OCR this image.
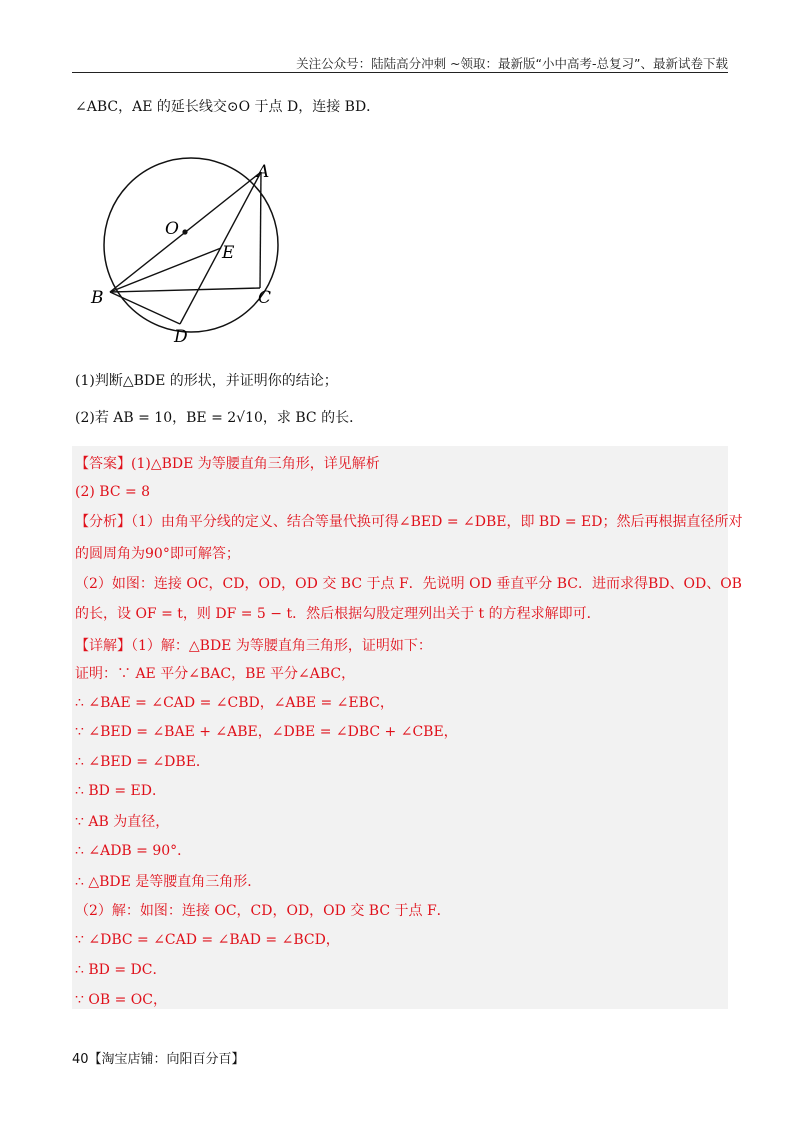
关注公众号：陆陆高分冲刺 ~领取：最新版“小中高考-总复习”、最新试卷下载
∠ABC，AE 的延长线交⊙O 于点 D，连接 BD．
A
O
E
B	C
D
(1)判断△BDE 的形状，并证明你的结论；
(2)若 AB = 10，BE = 2√10，求 BC 的长．
【答案】(1)△BDE 为等腰直角三角形，详见解析
(2) BC = 8
【分析】（1）由角平分线的定义、结合等量代换可得∠BED = ∠DBE，即 BD = ED；然后再根据直径所对
的圆周角为90°即可解答；
（2）如图：连接 OC，CD，OD，OD 交 BC 于点 F．先说明 OD 垂直平分 BC．进而求得BD、OD、OB
的长，设 OF = t，则 DF = 5 − t．然后根据勾股定理列出关于 t 的方程求解即可．
【详解】（1）解：△BDE 为等腰直角三角形，证明如下：
证明：∵ AE 平分∠BAC，BE 平分∠ABC，
∴ ∠BAE = ∠CAD = ∠CBD，∠ABE = ∠EBC，
∵ ∠BED = ∠BAE + ∠ABE，∠DBE = ∠DBC + ∠CBE，
∴ ∠BED = ∠DBE．
∴ BD = ED．
∵ AB 为直径，
∴ ∠ADB = 90°．
∴ △BDE 是等腰直角三角形．
（2）解：如图：连接 OC，CD，OD，OD 交 BC 于点 F．
∵ ∠DBC = ∠CAD = ∠BAD = ∠BCD，
∴ BD = DC．
∵ OB = OC，
40【淘宝店铺：向阳百分百】
